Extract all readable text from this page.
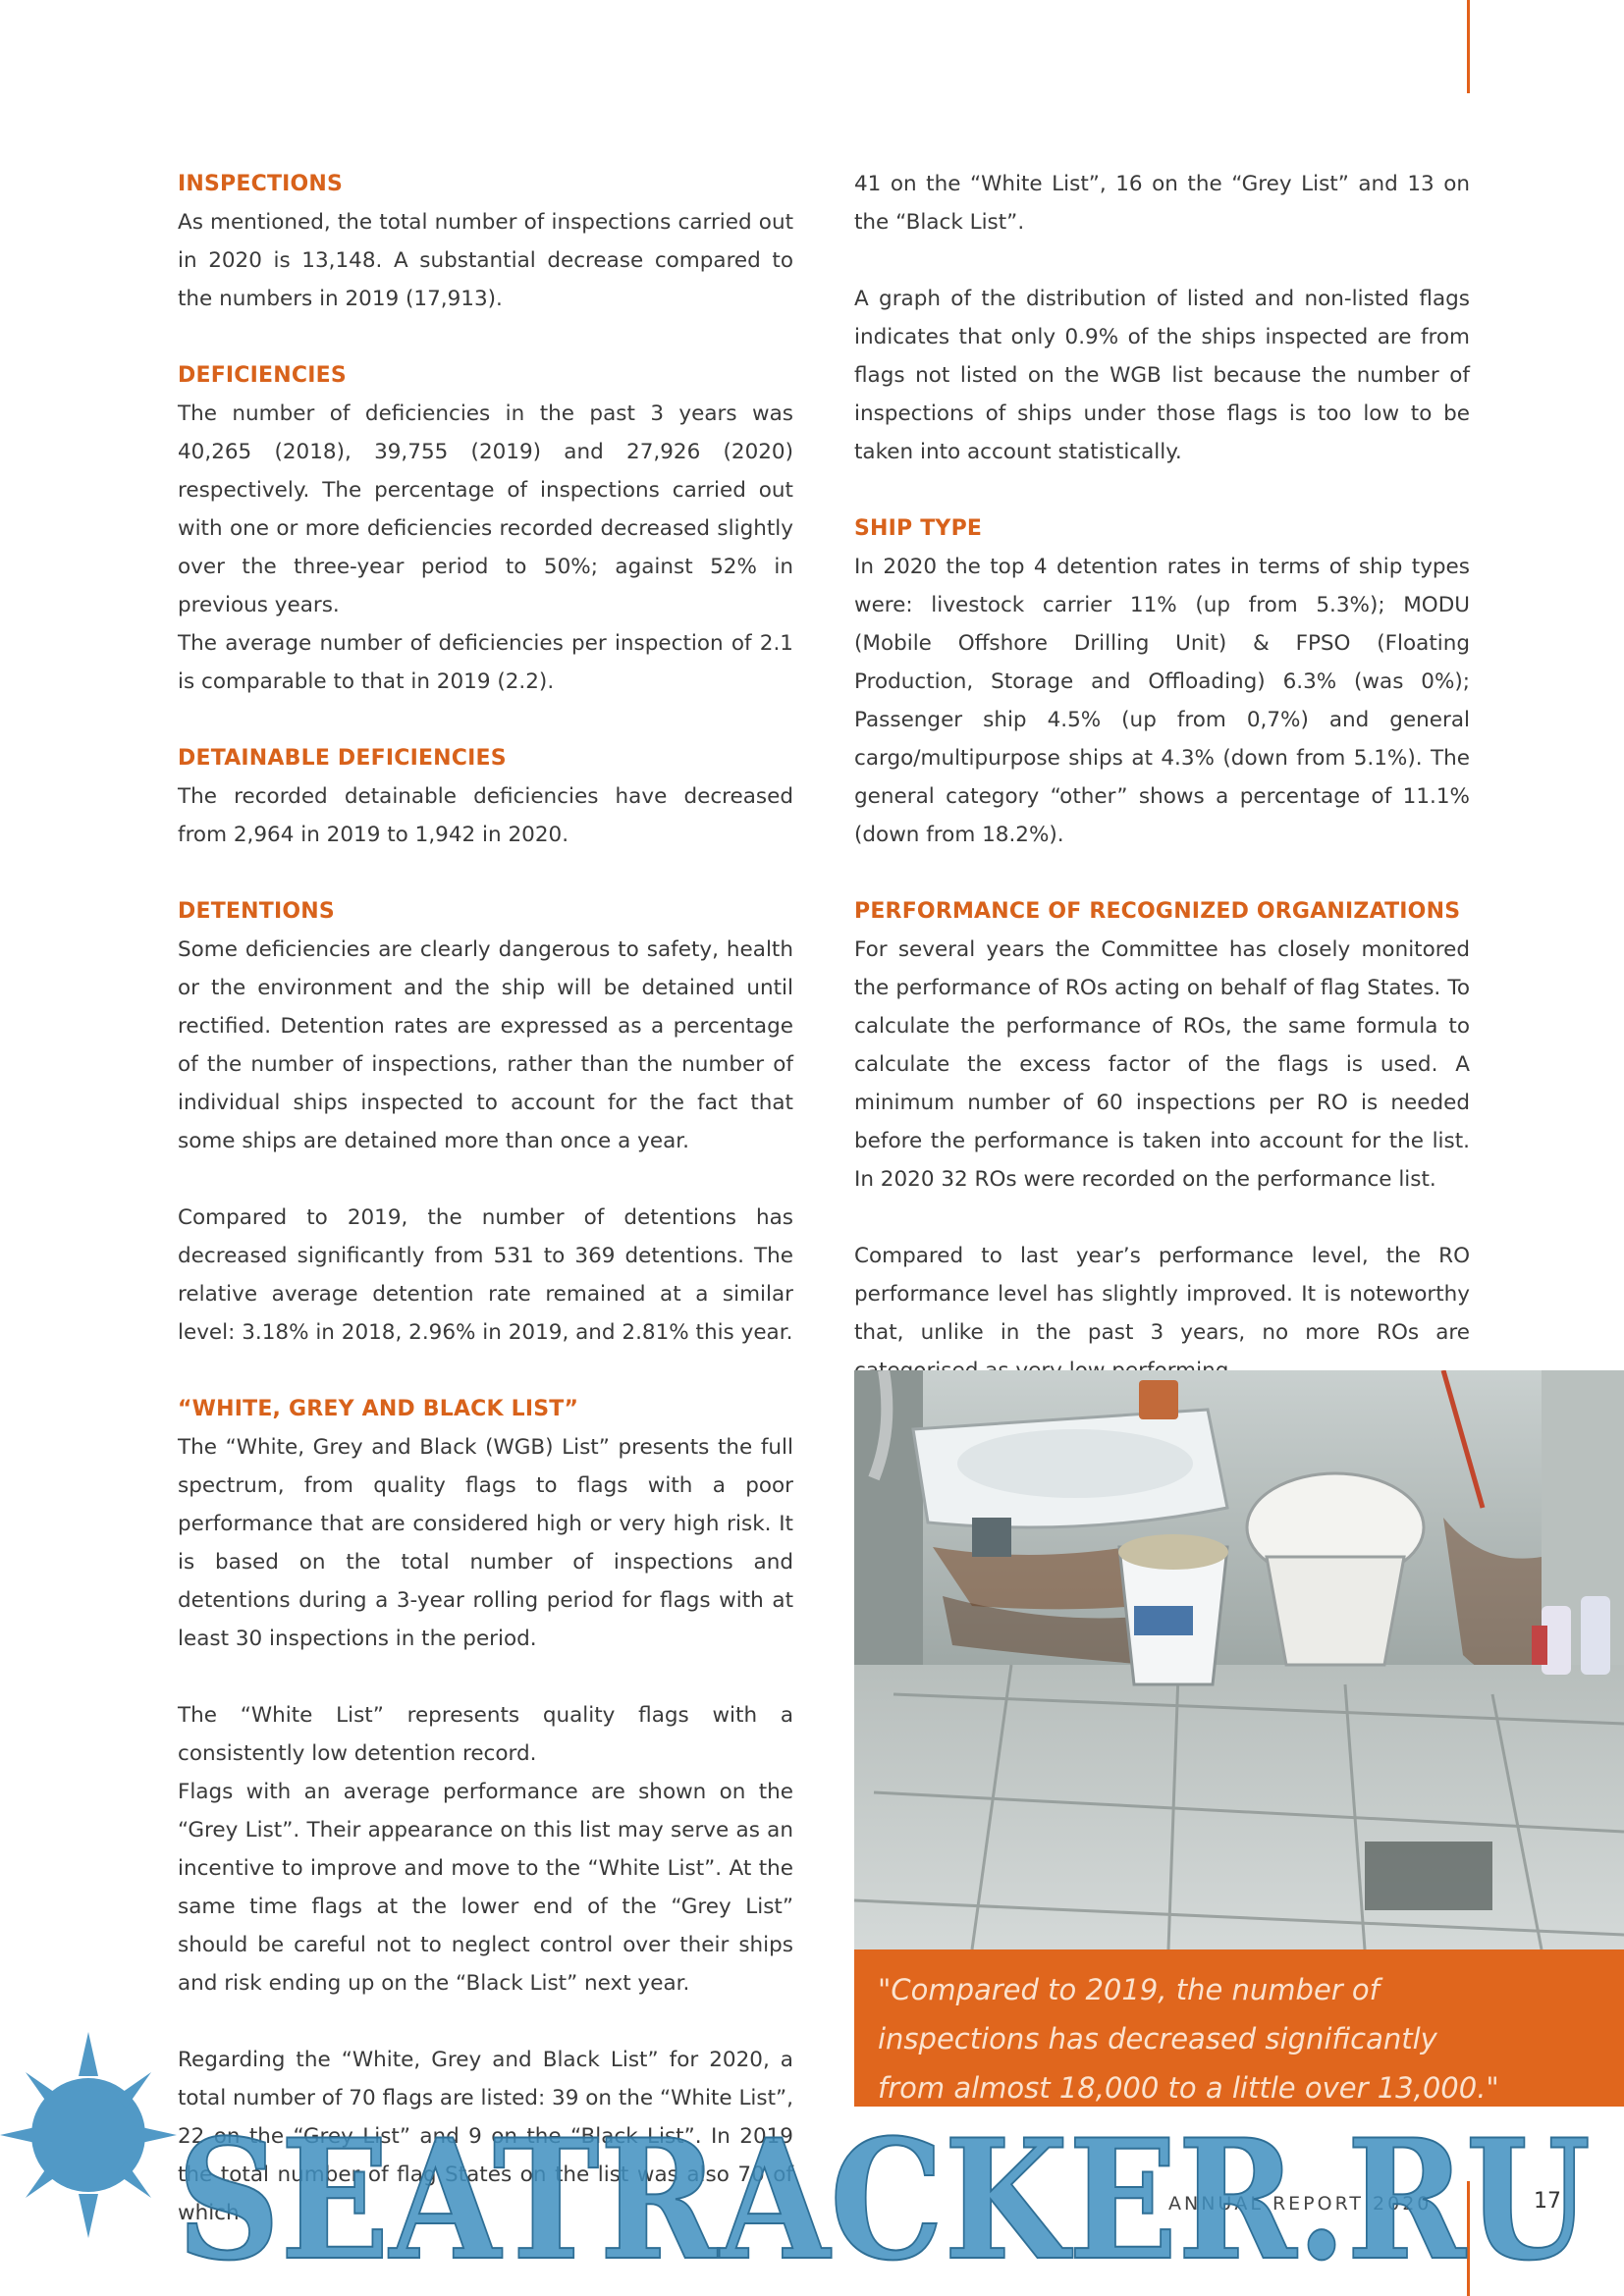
INSPECTIONS

As mentioned, the total number of inspections carried out in 2020 is 13,148. A substantial decrease compared to the numbers in 2019 (17,913).

DEFICIENCIES

The number of deficiencies in the past 3 years was 40,265 (2018), 39,755 (2019) and 27,926 (2020) respectively. The percentage of inspections carried out with one or more deficiencies recorded decreased slightly over the three-year period to 50%; against 52% in previous years.

The average number of deficiencies per inspection of 2.1 is comparable to that in 2019 (2.2).

DETAINABLE DEFICIENCIES

The recorded detainable deficiencies have decreased from 2,964 in 2019 to 1,942 in 2020.

DETENTIONS

Some deficiencies are clearly dangerous to safety, health or the environment and the ship will be detained until rectified. Detention rates are expressed as a percentage of the number of inspections, rather than the number of individual ships inspected to account for the fact that some ships are detained more than once a year.

Compared to 2019, the number of detentions has decreased significantly from 531 to 369 detentions. The relative average detention rate remained at a similar level: 3.18% in 2018, 2.96% in 2019, and 2.81% this year.

“WHITE, GREY AND BLACK LIST”

The “White, Grey and Black (WGB) List” presents the full spectrum, from quality flags to flags with a poor performance that are considered high or very high risk. It is based on the total number of inspections and detentions during a 3-year rolling period for flags with at least 30 inspections in the period.

The “White List” represents quality flags with a consistently low detention record.

Flags with an average performance are shown on the “Grey List”. Their appearance on this list may serve as an incentive to improve and move to the “White List”. At the same time flags at the lower end of the “Grey List” should be careful not to neglect control over their ships and risk ending up on the “Black List” next year.

Regarding the “White, Grey and Black List” for 2020, a total number of 70 flags are listed: 39 on the “White List”, 22 on the “Grey List” and 9 on the “Black List”. In 2019 the total number of flag States on the list was also 70 of which

41 on the “White List”, 16 on the “Grey List” and 13 on the “Black List”.

A graph of the distribution of listed and non-listed flags indicates that only 0.9% of the ships inspected are from flags not listed on the WGB list because the number of inspections of ships under those flags is too low to be taken into account statistically.

SHIP TYPE

In 2020 the top 4 detention rates in terms of ship types were: livestock carrier 11% (up from 5.3%); MODU (Mobile Offshore Drilling Unit) & FPSO (Floating Production, Storage and Offloading) 6.3% (was 0%); Passenger ship 4.5% (up from 0,7%) and general cargo/multipurpose ships at 4.3% (down from 5.1%). The general category “other” shows a percentage of 11.1% (down from 18.2%).

PERFORMANCE OF RECOGNIZED ORGANIZATIONS

For several years the Committee has closely monitored the performance of ROs acting on behalf of flag States. To calculate the performance of ROs, the same formula to calculate the excess factor of the flags is used. A minimum number of 60 inspections per RO is needed before the performance is taken into account for the list. In 2020 32 ROs were recorded on the performance list.

Compared to last year’s performance level, the RO performance level has slightly improved. It is noteworthy that, unlike in the past 3 years, no more ROs are

"Compared to 2019, the number of
inspections has decreased significantly
from almost 18,000 to a little over 13,000."
ANNUAL REPORT 2020	17
SEATRACKER.RU
